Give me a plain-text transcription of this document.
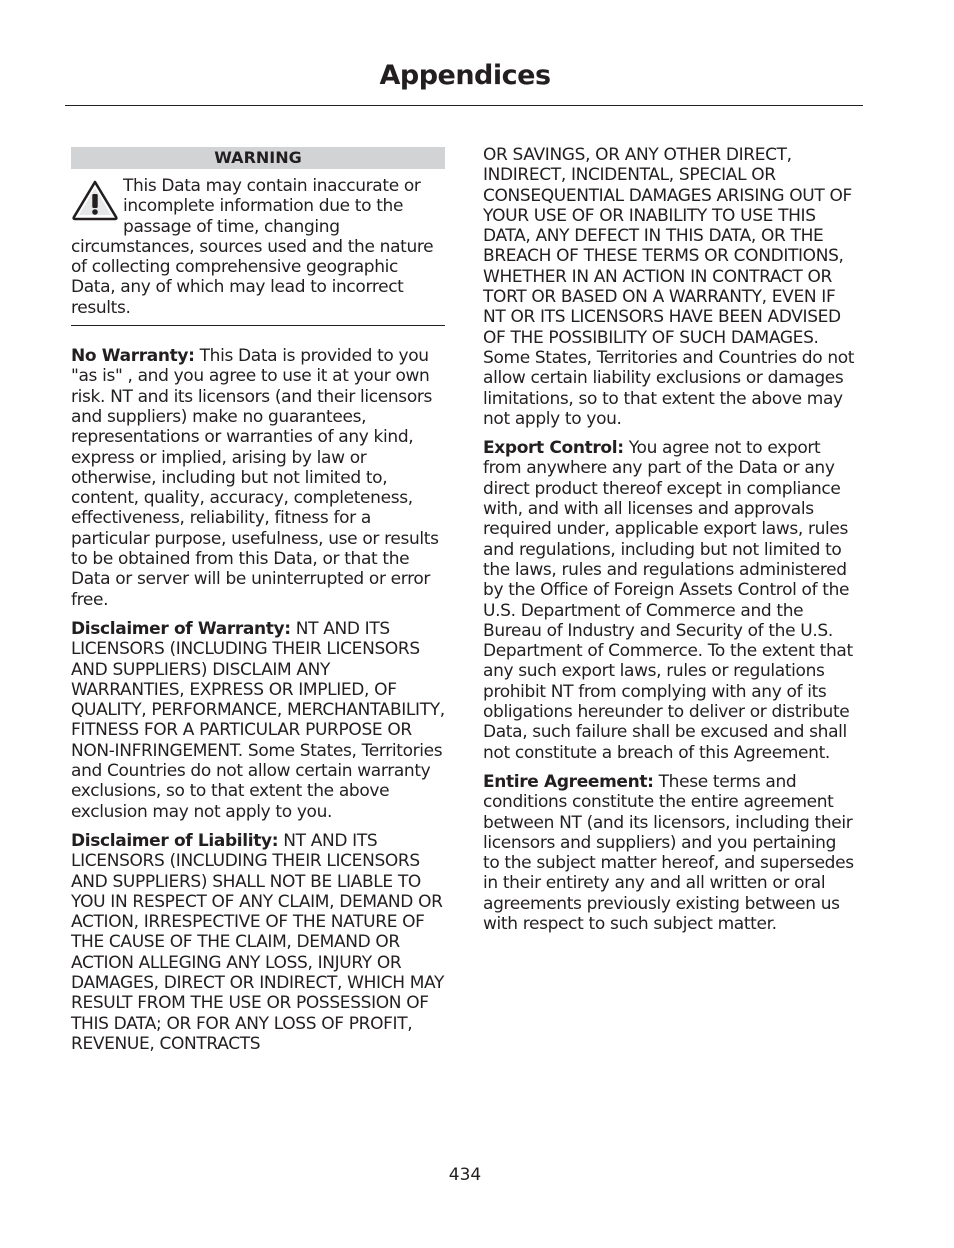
Appendices
WARNING
This Data may contain inaccurate or incomplete information due to the passage of time, changing circumstances, sources used and the nature of collecting comprehensive geographic Data, any of which may lead to incorrect results.

No Warranty: This Data is provided to you "as is" , and you agree to use it at your own risk. NT and its licensors (and their licensors and suppliers) make no guarantees, representations or warranties of any kind, express or implied, arising by law or otherwise, including but not limited to, content, quality, accuracy, completeness, effectiveness, reliability, fitness for a particular purpose, usefulness, use or results to be obtained from this Data, or that the Data or server will be uninterrupted or error free.

Disclaimer of Warranty: NT AND ITS LICENSORS (INCLUDING THEIR LICENSORS AND SUPPLIERS) DISCLAIM ANY WARRANTIES, EXPRESS OR IMPLIED, OF QUALITY, PERFORMANCE, MERCHANTABILITY, FITNESS FOR A PARTICULAR PURPOSE OR NON-INFRINGEMENT. Some States, Territories and Countries do not allow certain warranty exclusions, so to that extent the above exclusion may not apply to you.

Disclaimer of Liability: NT AND ITS LICENSORS (INCLUDING THEIR LICENSORS AND SUPPLIERS) SHALL NOT BE LIABLE TO YOU IN RESPECT OF ANY CLAIM, DEMAND OR ACTION, IRRESPECTIVE OF THE NATURE OF THE CAUSE OF THE CLAIM, DEMAND OR ACTION ALLEGING ANY LOSS, INJURY OR DAMAGES, DIRECT OR INDIRECT, WHICH MAY RESULT FROM THE USE OR POSSESSION OF THIS DATA; OR FOR ANY LOSS OF PROFIT, REVENUE, CONTRACTS

OR SAVINGS, OR ANY OTHER DIRECT, INDIRECT, INCIDENTAL, SPECIAL OR CONSEQUENTIAL DAMAGES ARISING OUT OF YOUR USE OF OR INABILITY TO USE THIS DATA, ANY DEFECT IN THIS DATA, OR THE BREACH OF THESE TERMS OR CONDITIONS, WHETHER IN AN ACTION IN CONTRACT OR TORT OR BASED ON A WARRANTY, EVEN IF NT OR ITS LICENSORS HAVE BEEN ADVISED OF THE POSSIBILITY OF SUCH DAMAGES. Some States, Territories and Countries do not allow certain liability exclusions or damages limitations, so to that extent the above may not apply to you.

Export Control: You agree not to export from anywhere any part of the Data or any direct product thereof except in compliance with, and with all licenses and approvals required under, applicable export laws, rules and regulations, including but not limited to the laws, rules and regulations administered by the Office of Foreign Assets Control of the U.S. Department of Commerce and the Bureau of Industry and Security of the U.S. Department of Commerce. To the extent that any such export laws, rules or regulations prohibit NT from complying with any of its obligations hereunder to deliver or distribute Data, such failure shall be excused and shall not constitute a breach of this Agreement.

Entire Agreement: These terms and conditions constitute the entire agreement between NT (and its licensors, including their licensors and suppliers) and you pertaining to the subject matter hereof, and supersedes in their entirety any and all written or oral agreements previously existing between us with respect to such subject matter.

434
